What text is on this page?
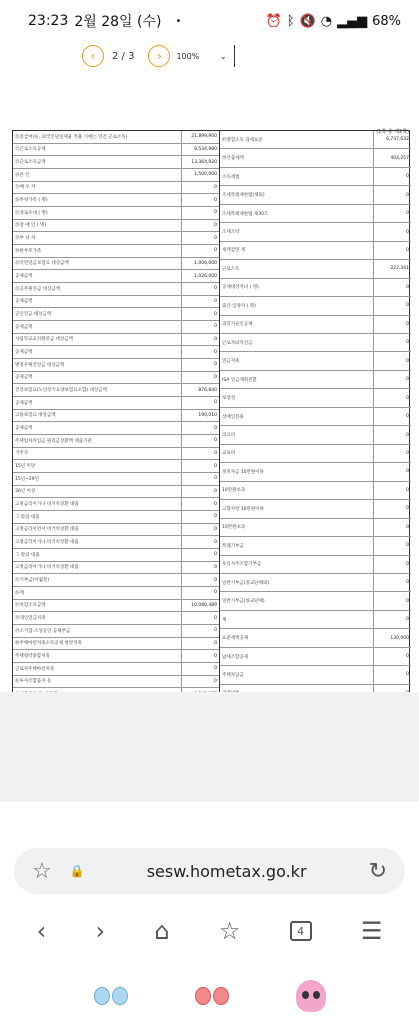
23:23 2월 28일 (수) •	⏰ ᛒ 🔇 ◔ ▂▄▆ 68%
‹ 2 / 3 › 100%	⌄
(1쪽 중 제2쪽)
㉑총급여(⑯, 외국인단일세율 적용 시에는 연간 근로소득)	21,899,900
㉒근로소득공제	8,534,980
㉓근로소득금액	13,364,920
㉔본 인	1,500,000
㉕배 우 자	0
㉖부양가족 ( 명)	0
㉗경로우대 ( 명)	0
㉘장 애 인 ( 명)	0
㉙부 녀 자	0
㉚한부모가족	0
㉛국민연금보험료 대상금액	1,006,000
공제금액	1,026,000
㉜공무원연금 대상금액	0
공제금액	0
군인연금 대상금액	0
공제금액	0
사립학교교직원연금 대상금액	0
공제금액	0
별정우체국연금 대상금액	0
공제금액	0
건강보험료(노인장기요양보험료포함) 대상금액	876,840
공제금액	0
고용보험료 대상금액	190,010
공제금액	0
주택임차차입금 원리금상환액 대출기관	0
거주자	0
15년 미만	0
15년~29년	0
30년 이상	0
고정금리이거나 비거치상환 대출	0
그 밖의 대출	0
고정금리이면서 비거치상환 대출	0
고정금리이거나 비거치상환 대출	0
그 밖의 대출	0
고정금리이거나 비거치상환 대출	0
㉟기부금(이월분)	0
㊱계	0
㊲차감소득금액	10,080,489
㊳개인연금저축	0
㊴소기업·소상공인 공제부금	0
㊵주택마련저축소득공제 청약저축	0
주택청약종합저축	0
근로자주택마련저축	0
㊶투자조합출자 등	0
㊾종합소득 과세표준	6,737,632
㊿산출세액	404,257
소득세법	0
조세특례제한법(제외)	0
조세특례제한법 제30조	0
조세조약	0
세액감면 계	0
근로소득	222,341
공제대상자녀 ( 명)	0
출산·입양자 ( 명)	0
과학기술인공제	0
근로자퇴직연금	0
연금저축	0
ISA 연금계좌전환	0
보장성	0
장애인전용	0
의료비	0
교육비	0
정치자금 10만원이하	0
10만원초과	0
고향사랑 10만원이하	0
10만원초과	0
특례기부금	0
우리사주조합기부금	0
일반기부금(종교단체외)	0
일반기부금(종교단체)	0
계	0
표준세액공제	130,000
납세조합공제	0
주택차입금	0
☆ 🔒	sesw.hometax.go.kr	↻
‹ › ⌂ ☆	4 ☰
